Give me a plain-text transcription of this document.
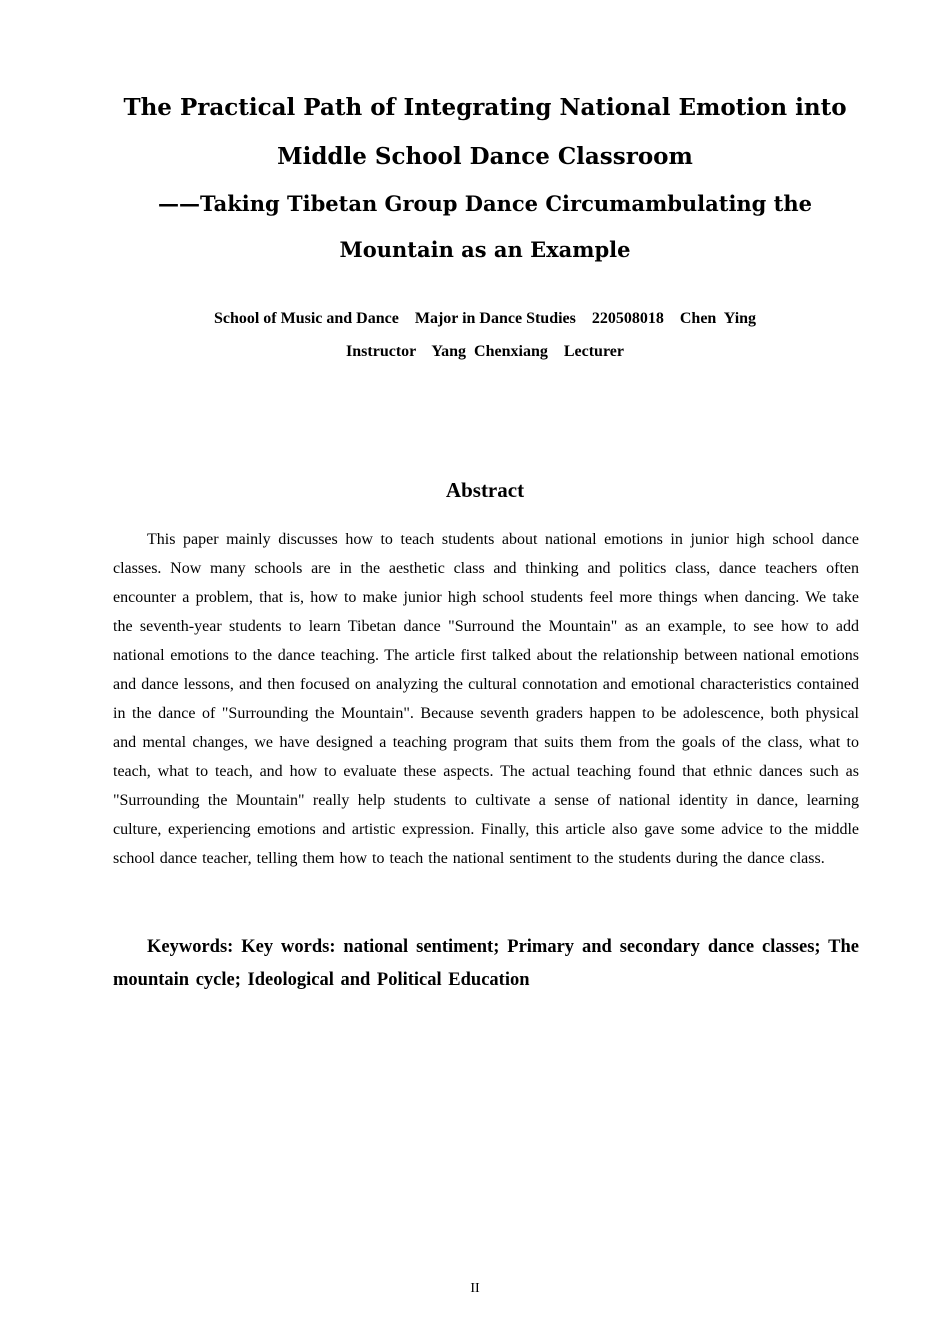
The Practical Path of Integrating National Emotion into Middle School Dance Classroom
——Taking Tibetan Group Dance Circumambulating the Mountain as an Example
School of Music and Dance    Major in Dance Studies    220508018    Chen  Ying
Instructor    Yang  Chenxiang    Lecturer
Abstract

This paper mainly discusses how to teach students about national emotions in junior high school dance classes. Now many schools are in the aesthetic class and thinking and politics class, dance teachers often encounter a problem, that is, how to make junior high school students feel more things when dancing. We take the seventh-year students to learn Tibetan dance "Surround the Mountain" as an example, to see how to add national emotions to the dance teaching. The article first talked about the relationship between national emotions and dance lessons, and then focused on analyzing the cultural connotation and emotional characteristics contained in the dance of "Surrounding the Mountain". Because seventh graders happen to be adolescence, both physical and mental changes, we have designed a teaching program that suits them from the goals of the class, what to teach, what to teach, and how to evaluate these aspects. The actual teaching found that ethnic dances such as "Surrounding the Mountain" really help students to cultivate a sense of national identity in dance, learning culture, experiencing emotions and artistic expression. Finally, this article also gave some advice to the middle school dance teacher, telling them how to teach the national sentiment to the students during the dance class.

Keywords: Key words: national sentiment; Primary and secondary dance classes; The mountain cycle; Ideological and Political Education

II
